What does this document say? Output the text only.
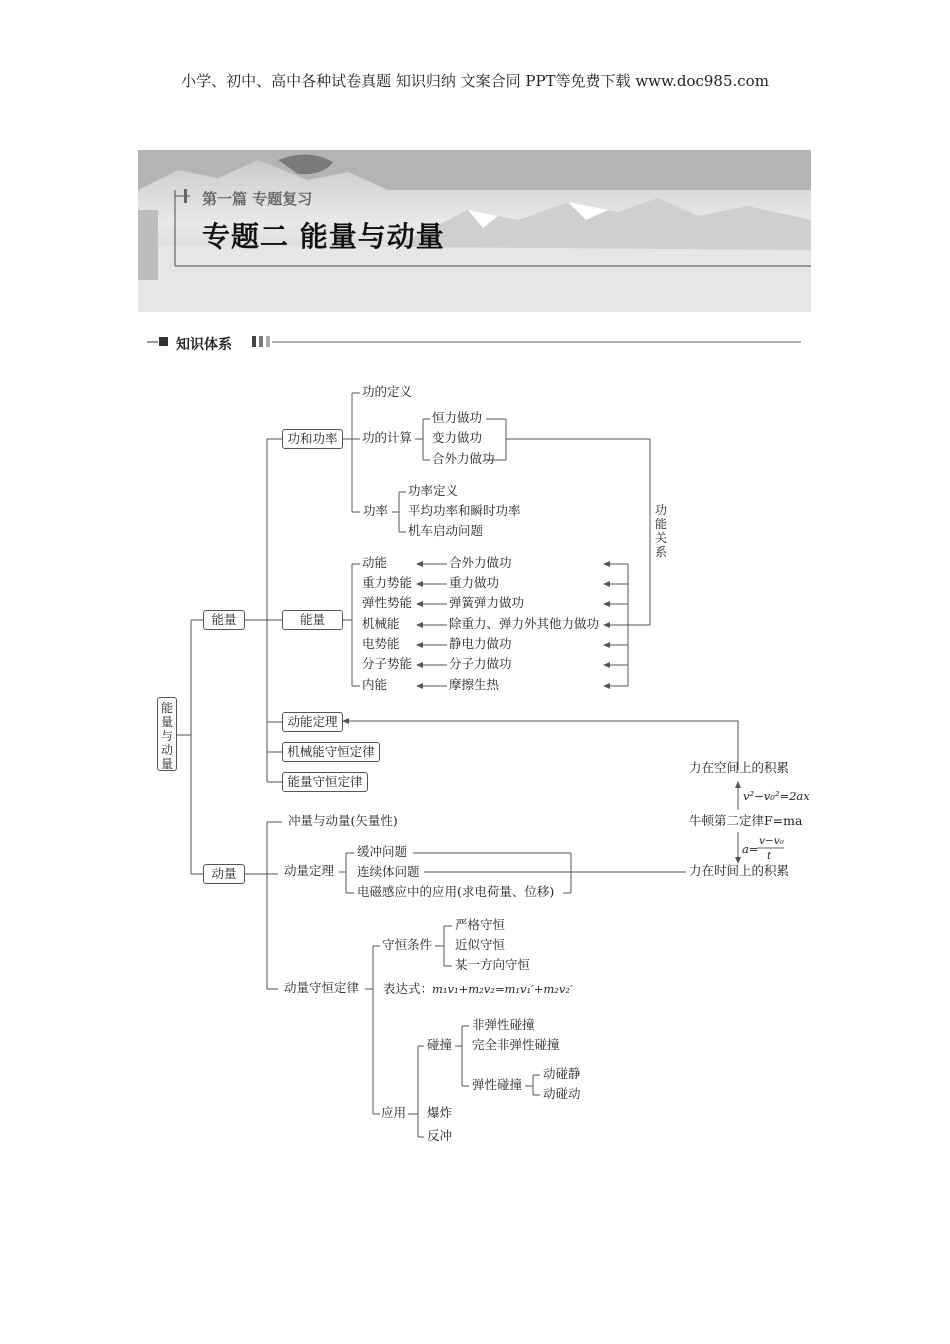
小学、初中、高中各种试卷真题 知识归纳 文案合同 PPT等免费下载 www.doc985.com
第一篇 专题复习
专题二 能量与动量
知识体系
能量与动量
能量
动量
功和功率
能量
动能定理
机械能守恒定律
能量守恒定律
功的定义
功的计算
恒力做功
变力做功
合外力做功
功率
功率定义
平均功率和瞬时功率
机车启动问题
功能关系
动能
重力势能
弹性势能
机械能
电势能
分子势能
内能
合外力做功
重力做功
弹簧弹力做功
除重力、弹力外其他力做功
静电力做功
分子力做功
摩擦生热
冲量与动量(矢量性)
动量定理
缓冲问题
连续体问题
电磁感应中的应用(求电荷量、位移)
动量守恒定律
守恒条件
严格守恒
近似守恒
某一方向守恒
表达式：
m₁v₁+m₂v₂=m₁v₁′+m₂v₂′
应用
碰撞
非弹性碰撞
完全非弹性碰撞
弹性碰撞
动碰静
动碰动
爆炸
反冲
力在空间上的积累
v²−v₀²=2ax
牛顿第二定律F=ma
a=
v−v₀
t
力在时间上的积累
